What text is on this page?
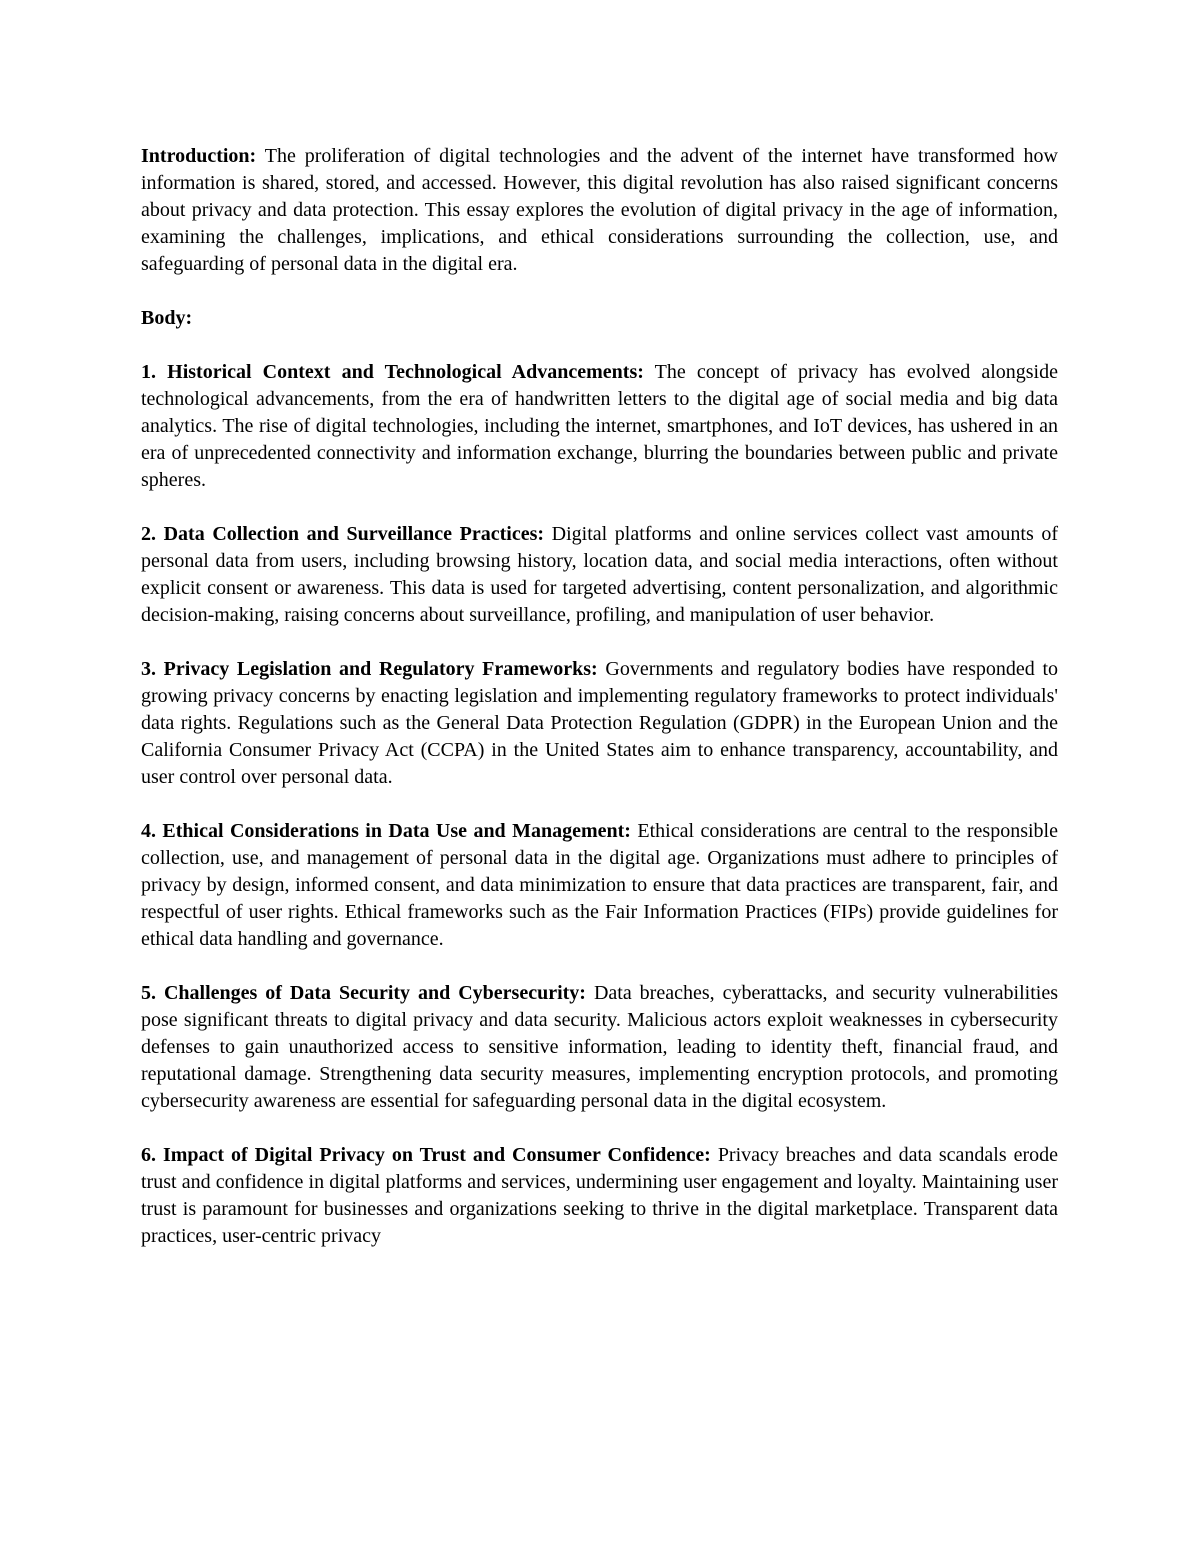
Introduction: The proliferation of digital technologies and the advent of the internet have transformed how information is shared, stored, and accessed. However, this digital revolution has also raised significant concerns about privacy and data protection. This essay explores the evolution of digital privacy in the age of information, examining the challenges, implications, and ethical considerations surrounding the collection, use, and safeguarding of personal data in the digital era.

Body:

1. Historical Context and Technological Advancements: The concept of privacy has evolved alongside technological advancements, from the era of handwritten letters to the digital age of social media and big data analytics. The rise of digital technologies, including the internet, smartphones, and IoT devices, has ushered in an era of unprecedented connectivity and information exchange, blurring the boundaries between public and private spheres.

2. Data Collection and Surveillance Practices: Digital platforms and online services collect vast amounts of personal data from users, including browsing history, location data, and social media interactions, often without explicit consent or awareness. This data is used for targeted advertising, content personalization, and algorithmic decision-making, raising concerns about surveillance, profiling, and manipulation of user behavior.

3. Privacy Legislation and Regulatory Frameworks: Governments and regulatory bodies have responded to growing privacy concerns by enacting legislation and implementing regulatory frameworks to protect individuals' data rights. Regulations such as the General Data Protection Regulation (GDPR) in the European Union and the California Consumer Privacy Act (CCPA) in the United States aim to enhance transparency, accountability, and user control over personal data.

4. Ethical Considerations in Data Use and Management: Ethical considerations are central to the responsible collection, use, and management of personal data in the digital age. Organizations must adhere to principles of privacy by design, informed consent, and data minimization to ensure that data practices are transparent, fair, and respectful of user rights. Ethical frameworks such as the Fair Information Practices (FIPs) provide guidelines for ethical data handling and governance.

5. Challenges of Data Security and Cybersecurity: Data breaches, cyberattacks, and security vulnerabilities pose significant threats to digital privacy and data security. Malicious actors exploit weaknesses in cybersecurity defenses to gain unauthorized access to sensitive information, leading to identity theft, financial fraud, and reputational damage. Strengthening data security measures, implementing encryption protocols, and promoting cybersecurity awareness are essential for safeguarding personal data in the digital ecosystem.

6. Impact of Digital Privacy on Trust and Consumer Confidence: Privacy breaches and data scandals erode trust and confidence in digital platforms and services, undermining user engagement and loyalty. Maintaining user trust is paramount for businesses and organizations seeking to thrive in the digital marketplace. Transparent data practices, user-centric privacy
